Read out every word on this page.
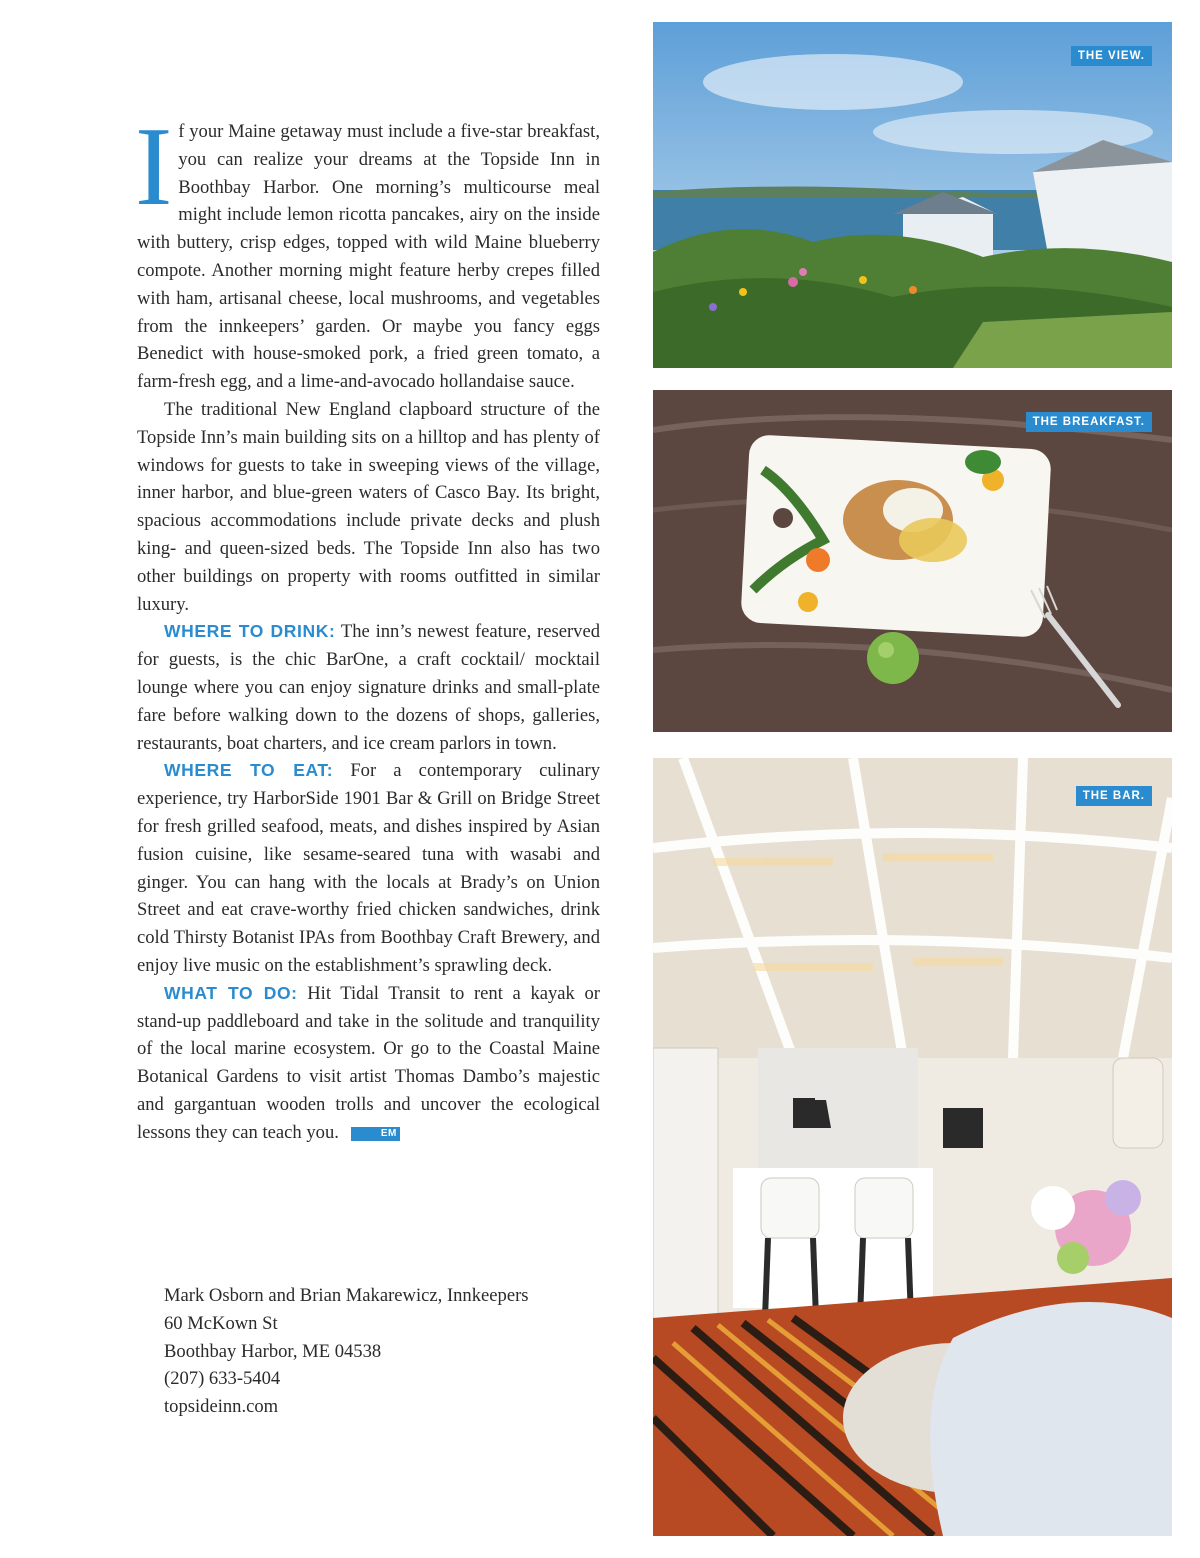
If your Maine getaway must include a five-star breakfast, you can realize your dreams at the Topside Inn in Boothbay Harbor. One morning’s multicourse meal might include lemon ricotta pancakes, airy on the inside with buttery, crisp edges, topped with wild Maine blueberry compote. Another morning might feature herby crepes filled with ham, artisanal cheese, local mushrooms, and vegetables from the innkeepers’ garden. Or maybe you fancy eggs Benedict with house-smoked pork, a fried green tomato, a farm-fresh egg, and a lime-and-avocado hollandaise sauce.

The traditional New England clapboard structure of the Topside Inn’s main building sits on a hilltop and has plenty of windows for guests to take in sweeping views of the village, inner harbor, and blue-green waters of Casco Bay. Its bright, spacious accommodations include private decks and plush king- and queen-sized beds. The Topside Inn also has two other buildings on property with rooms outfitted in similar luxury.

WHERE TO DRINK: The inn’s newest feature, reserved for guests, is the chic BarOne, a craft cocktail/ mocktail lounge where you can enjoy signature drinks and small-plate fare before walking down to the dozens of shops, galleries, restaurants, boat charters, and ice cream parlors in town.

WHERE TO EAT: For a contemporary culinary experience, try HarborSide 1901 Bar & Grill on Bridge Street for fresh grilled seafood, meats, and dishes inspired by Asian fusion cuisine, like sesame-seared tuna with wasabi and ginger. You can hang with the locals at Brady’s on Union Street and eat crave-worthy fried chicken sandwiches, drink cold Thirsty Botanist IPAs from Boothbay Craft Brewery, and enjoy live music on the establishment’s sprawling deck.

WHAT TO DO: Hit Tidal Transit to rent a kayak or stand-up paddleboard and take in the solitude and tranquility of the local marine ecosystem. Or go to the Coastal Maine Botanical Gardens to visit artist Thomas Dambo’s majestic and gargantuan wooden trolls and uncover the ecological lessons they can teach you.	EM

Mark Osborn and Brian Makarewicz, Innkeepers
60 McKown St
Boothbay Harbor, ME 04538
(207) 633-5404
topsideinn.com
THE VIEW.
THE BREAKFAST.
THE BAR.
